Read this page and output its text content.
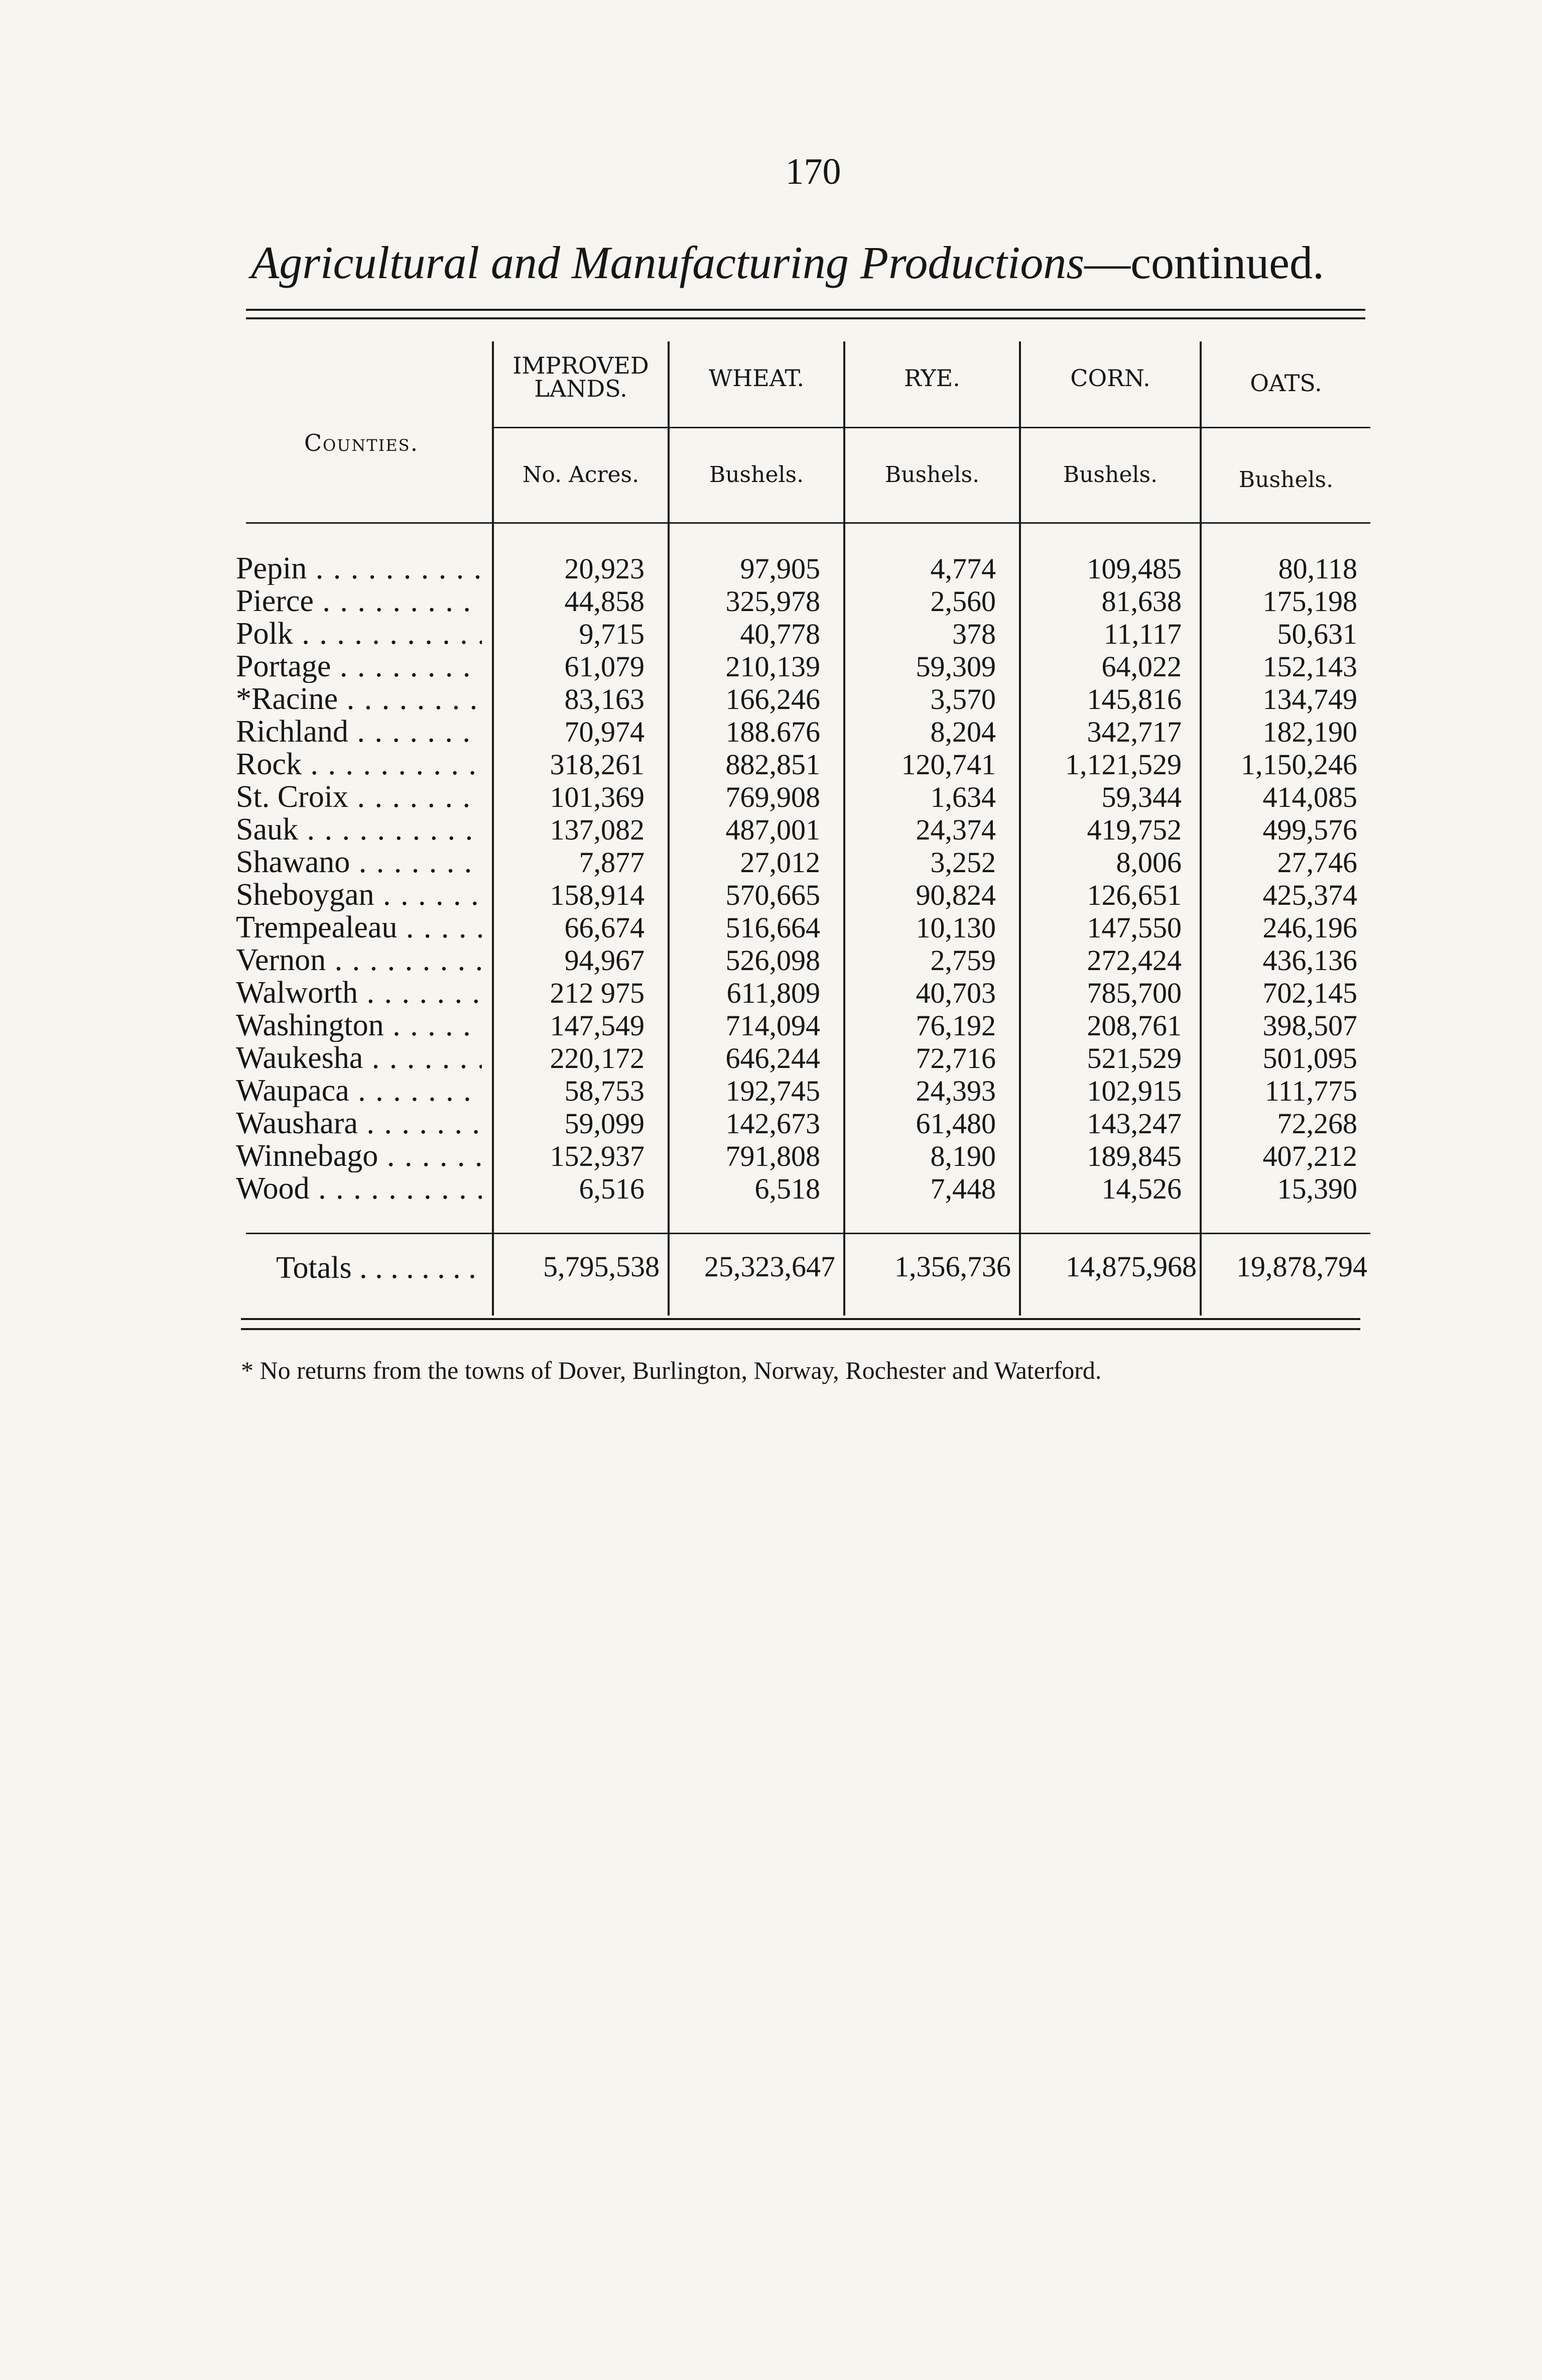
170
Agricultural and Manufacturing Productions—continued.
Counties.
IMPROVED
LANDS.	WHEAT.	RYE.	CORN.	OATS.
No. Acres.	Bushels.	Bushels.	Bushels.	Bushels.
Pepin . . .	20,923	97,905	4,774	109,485	80,118
Pierce . . .	44,858	325,978	2,560	81,638	175,198
Polk . . .	9,715	40,778	378	11,117	50,631
Portage . . .	61,079	210,139	59,309	64,022	152,143
*Racine . . .	83,163	166,246	3,570	145,816	134,749
Richland . . .	70,974	188.676	8,204	342,717	182,190
Rock . . .	318,261	882,851	120,741	1,121,529	1,150,246
St. Croix . . .	101,369	769,908	1,634	59,344	414,085
Sauk . . .	137,082	487,001	24,374	419,752	499,576
Shawano . . .	7,877	27,012	3,252	8,006	27,746
Sheboygan . . .	158,914	570,665	90,824	126,651	425,374
Trempealeau . . .	66,674	516,664	10,130	147,550	246,196
Vernon . . .	94,967	526,098	2,759	272,424	436,136
Walworth . . .	212 975	611,809	40,703	785,700	702,145
Washington . . .	147,549	714,094	76,192	208,761	398,507
Waukesha . . .	220,172	646,244	72,716	521,529	501,095
Waupaca . . .	58,753	192,745	24,393	102,915	111,775
Waushara . . .	59,099	142,673	61,480	143,247	72,268
Winnebago . . .	152,937	791,808	8,190	189,845	407,212
Wood . . .	6,516	6,518	7,448	14,526	15,390
Totals . . .	5,795,538	25,323,647	1,356,736	14,875,968	19,878,794
* No returns from the towns of Dover, Burlington, Norway, Rochester and Waterford.
